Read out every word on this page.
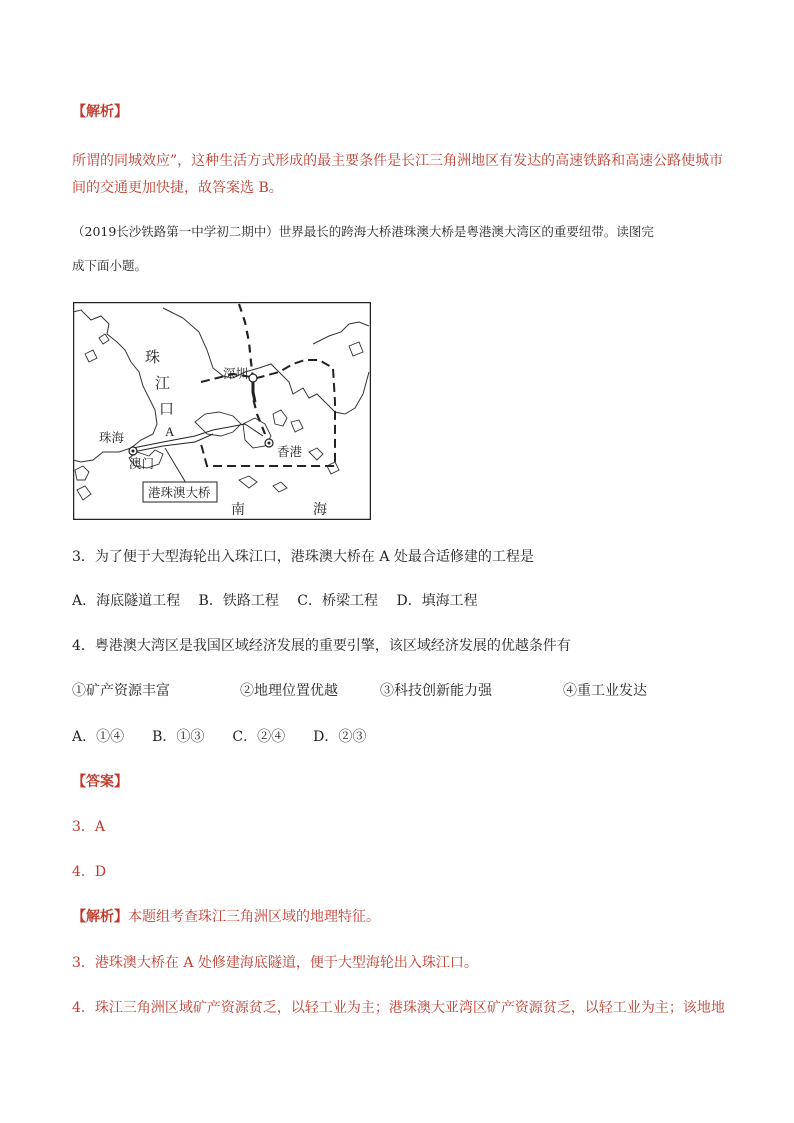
【解析】
所谓的同城效应”，这种生活方式形成的最主要条件是长江三角洲地区有发达的高速铁路和高速公路使城市
间的交通更加快捷，故答案选 B。
（2019长沙铁路第一中学初二期中）世界最长的跨海大桥港珠澳大桥是粤港澳大湾区的重要纽带。读图完
成下面小题。
珠
江
口
珠海	A
澳门
深圳
香港
南	海
港珠澳大桥
3．为了便于大型海轮出入珠江口，港珠澳大桥在 A 处最合适修建的工程是
A．海底隧道工程　 B．铁路工程　 C．桥梁工程　 D．填海工程
4．粤港澳大湾区是我国区域经济发展的重要引擎，该区域经济发展的优越条件有
①矿产资源丰富	②地理位置优越	③科技创新能力强	④重工业发达
A．①④　　B．①③　　C．②④　　D．②③
【答案】
3．A
4．D
【解析】本题组考查珠江三角洲区域的地理特征。
3．港珠澳大桥在 A 处修建海底隧道，便于大型海轮出入珠江口。
4．珠江三角洲区域矿产资源贫乏，以轻工业为主；港珠澳大亚湾区矿产资源贫乏，以轻工业为主；该地地
